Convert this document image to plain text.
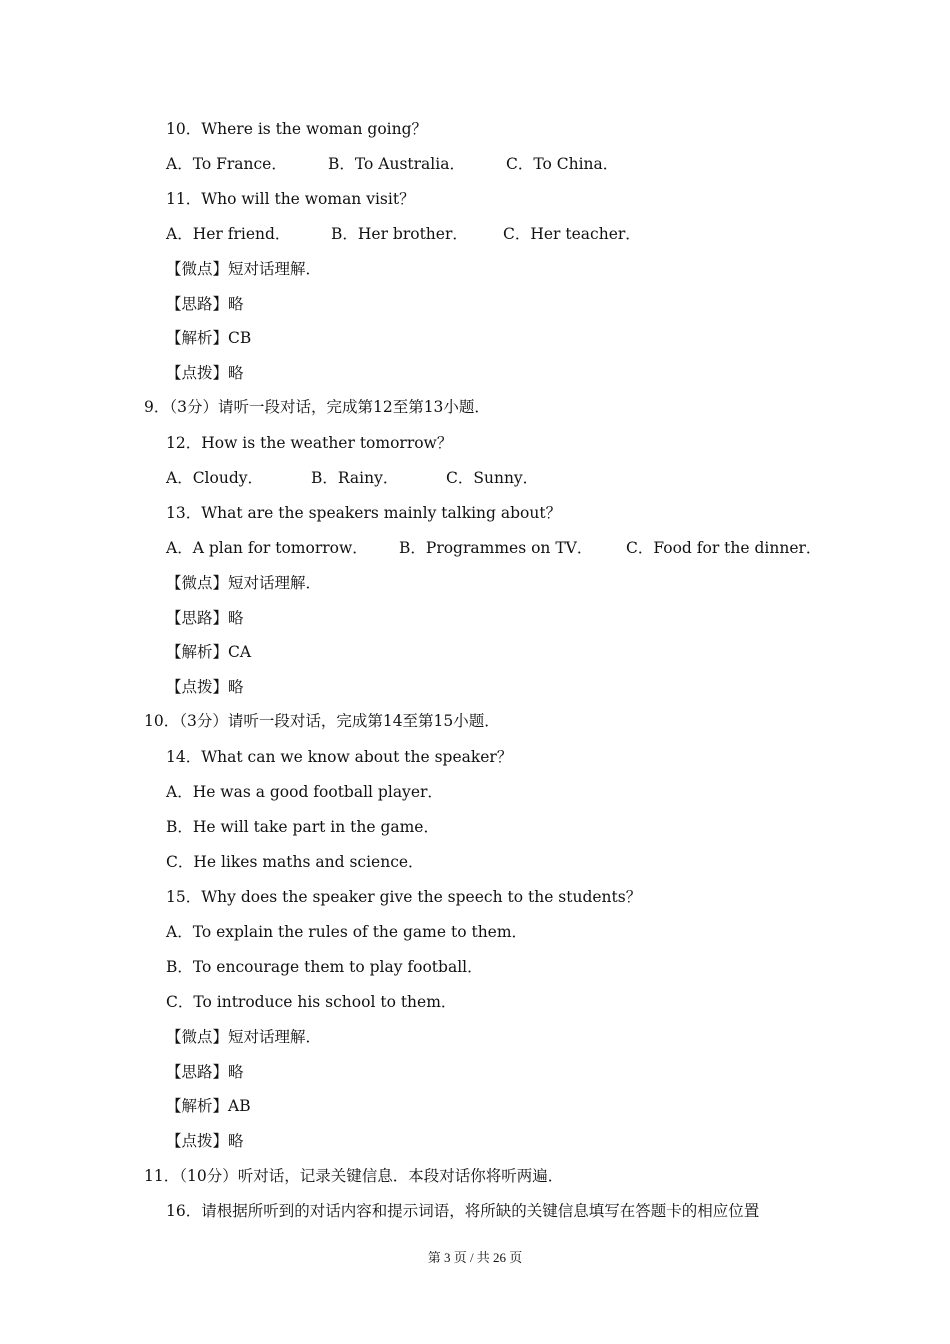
10．Where is the woman going？
A．To France．	B．To Australia．	C．To China．
11．Who will the woman visit？
A．Her friend．	B．Her brother． C．Her teacher．
【微点】短对话理解．
【思路】略
【解析】CB
【点拨】略
9．（3分）请听一段对话，完成第12至第13小题．
12．How is the weather tomorrow？
A．Cloudy．	B．Rainy．	C．Sunny．
13．What are the speakers mainly talking about？
A．A plan for tomorrow． B．Programmes on TV． C．Food for the dinner．
【微点】短对话理解．
【思路】略
【解析】CA
【点拨】略
10．（3分）请听一段对话，完成第14至第15小题．
14．What can we know about the speaker？
A．He was a good football player．
B．He will take part in the game．
C．He likes maths and science．
15．Why does the speaker give the speech to the students？
A．To explain the rules of the game to them．
B．To encourage them to play football．
C．To introduce his school to them．
【微点】短对话理解．
【思路】略
【解析】AB
【点拨】略
11．（10分）听对话，记录关键信息．本段对话你将听两遍．
16．请根据所听到的对话内容和提示词语，将所缺的关键信息填写在答题卡的相应位置
第 3 页 / 共 26 页
